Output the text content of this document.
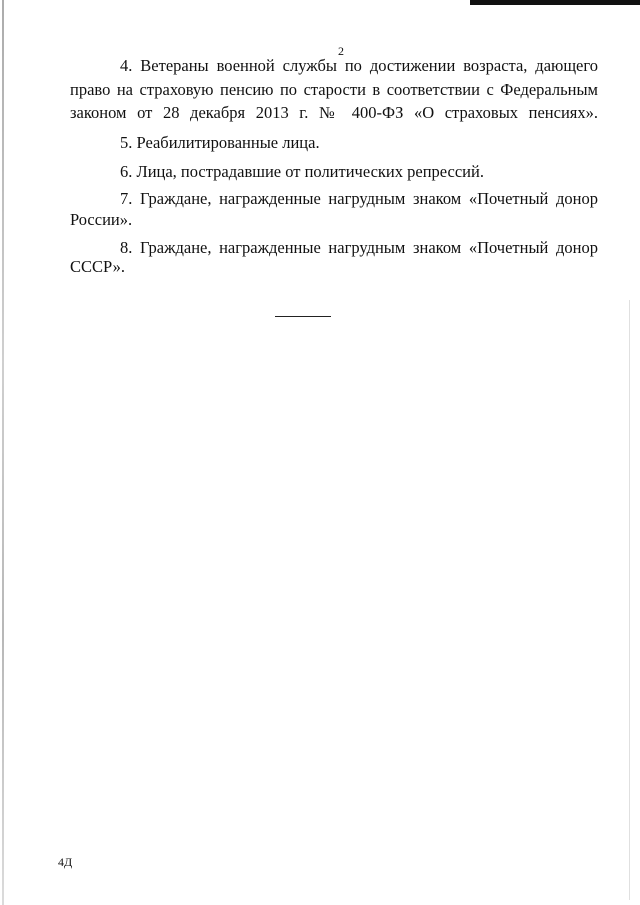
2
4. Ветераны военной службы по достижении возраста, дающего
право на страховую пенсию по старости в соответствии с Федеральным
законом от 28 декабря 2013 г. № 400-ФЗ «О страховых пенсиях».
5. Реабилитированные лица.
6. Лица, пострадавшие от политических репрессий.
7. Граждане, награжденные нагрудным знаком «Почетный донор
России».
8. Граждане, награжденные нагрудным знаком «Почетный донор
СССР».
4Д
